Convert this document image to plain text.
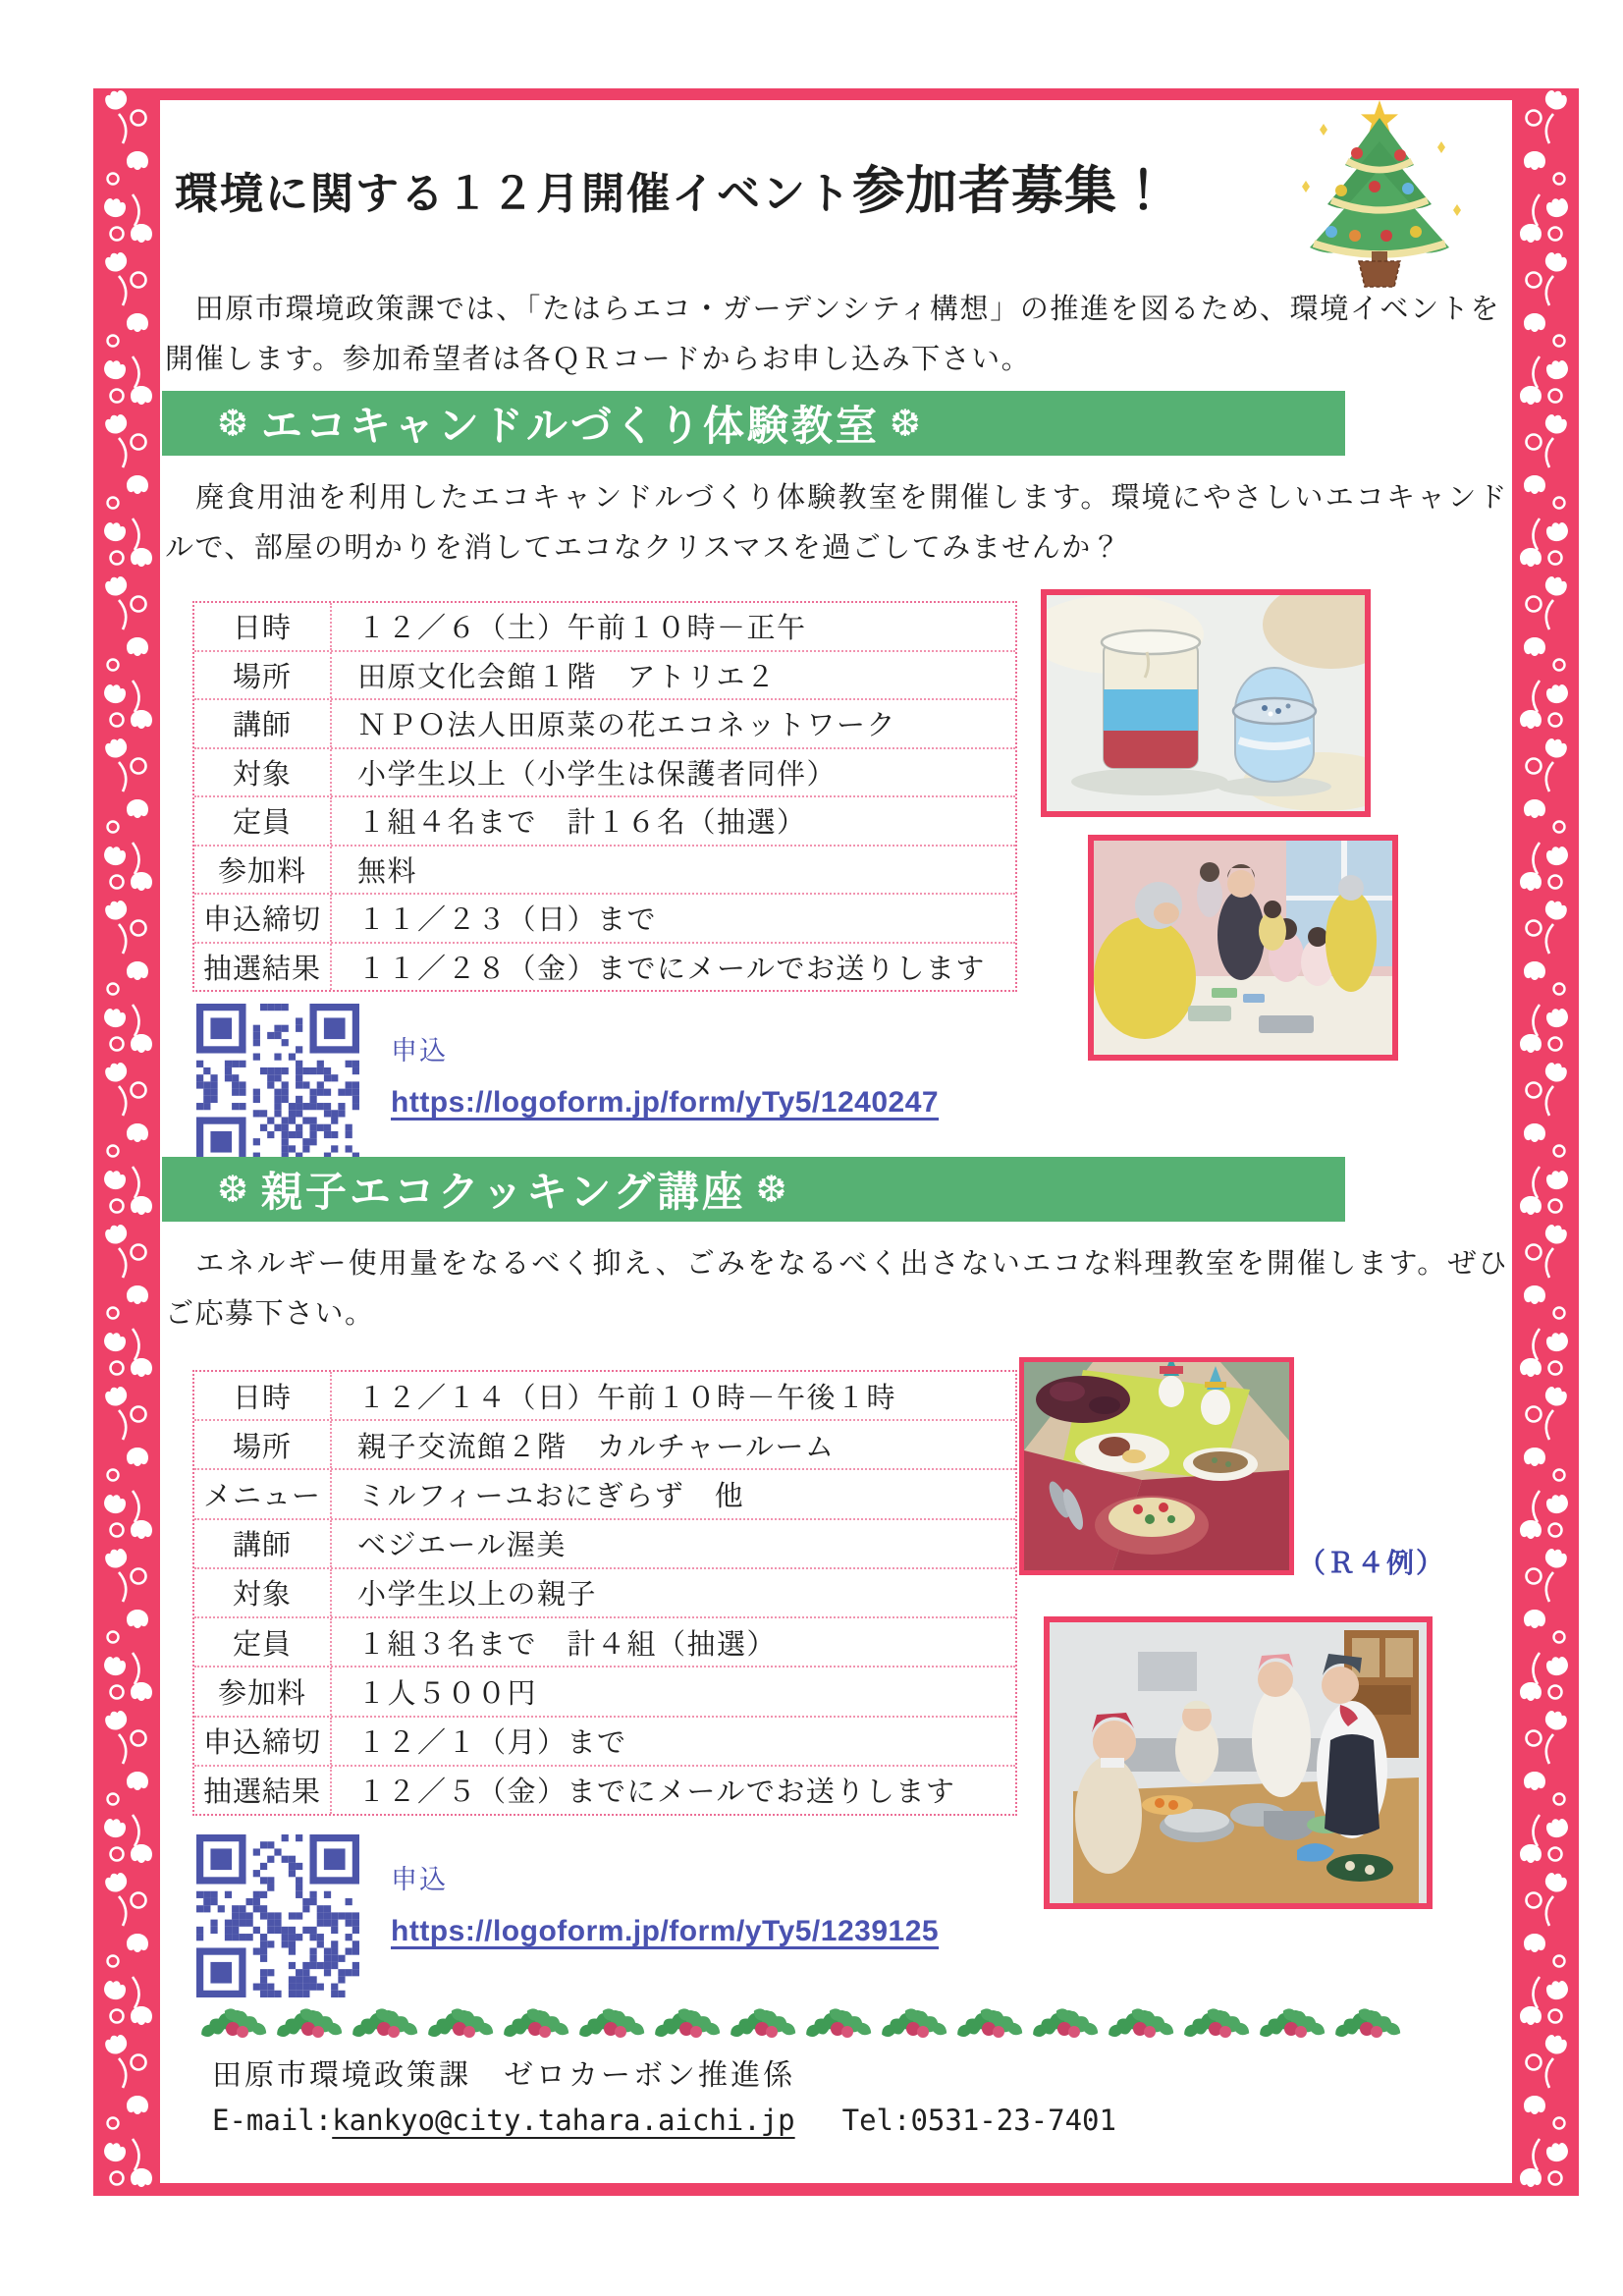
環境に関する１２月開催イベント参加者募集！
　田原市環境政策課では、「たはらエコ・ガーデンシティ構想」の推進を図るため、環境イベントを開催します。参加希望者は各ＱＲコードからお申し込み下さい。
❆ エコキャンドルづくり体験教室 ❆
　廃食用油を利用したエコキャンドルづくり体験教室を開催します。環境にやさしいエコキャンドルで、部屋の明かりを消してエコなクリスマスを過ごしてみませんか？
日時	１２／６（土）午前１０時－正午
場所	田原文化会館１階　アトリエ２
講師	ＮＰＯ法人田原菜の花エコネットワーク
対象	小学生以上（小学生は保護者同伴）
定員	１組４名まで　計１６名（抽選）
参加料	無料
申込締切	１１／２３（日）まで
抽選結果	１１／２８（金）までにメールでお送りします
申込
https://logoform.jp/form/yTy5/1240247
❆ 親子エコクッキング講座 ❆
　エネルギー使用量をなるべく抑え、ごみをなるべく出さないエコな料理教室を開催します。ぜひご応募下さい。
日時	１２／１４（日）午前１０時－午後１時
場所	親子交流館２階　カルチャールーム
メニュー	ミルフィーユおにぎらず　他
講師	ベジエール渥美
対象	小学生以上の親子
定員	１組３名まで　計４組（抽選）
参加料	１人５００円
申込締切	１２／１（月）まで
抽選結果	１２／５（金）までにメールでお送りします
申込
https://logoform.jp/form/yTy5/1239125
（Ｒ４例）
田原市環境政策課　ゼロカーボン推進係
E-mail:kankyo@city.tahara.aichi.jp Tel:0531-23-7401
